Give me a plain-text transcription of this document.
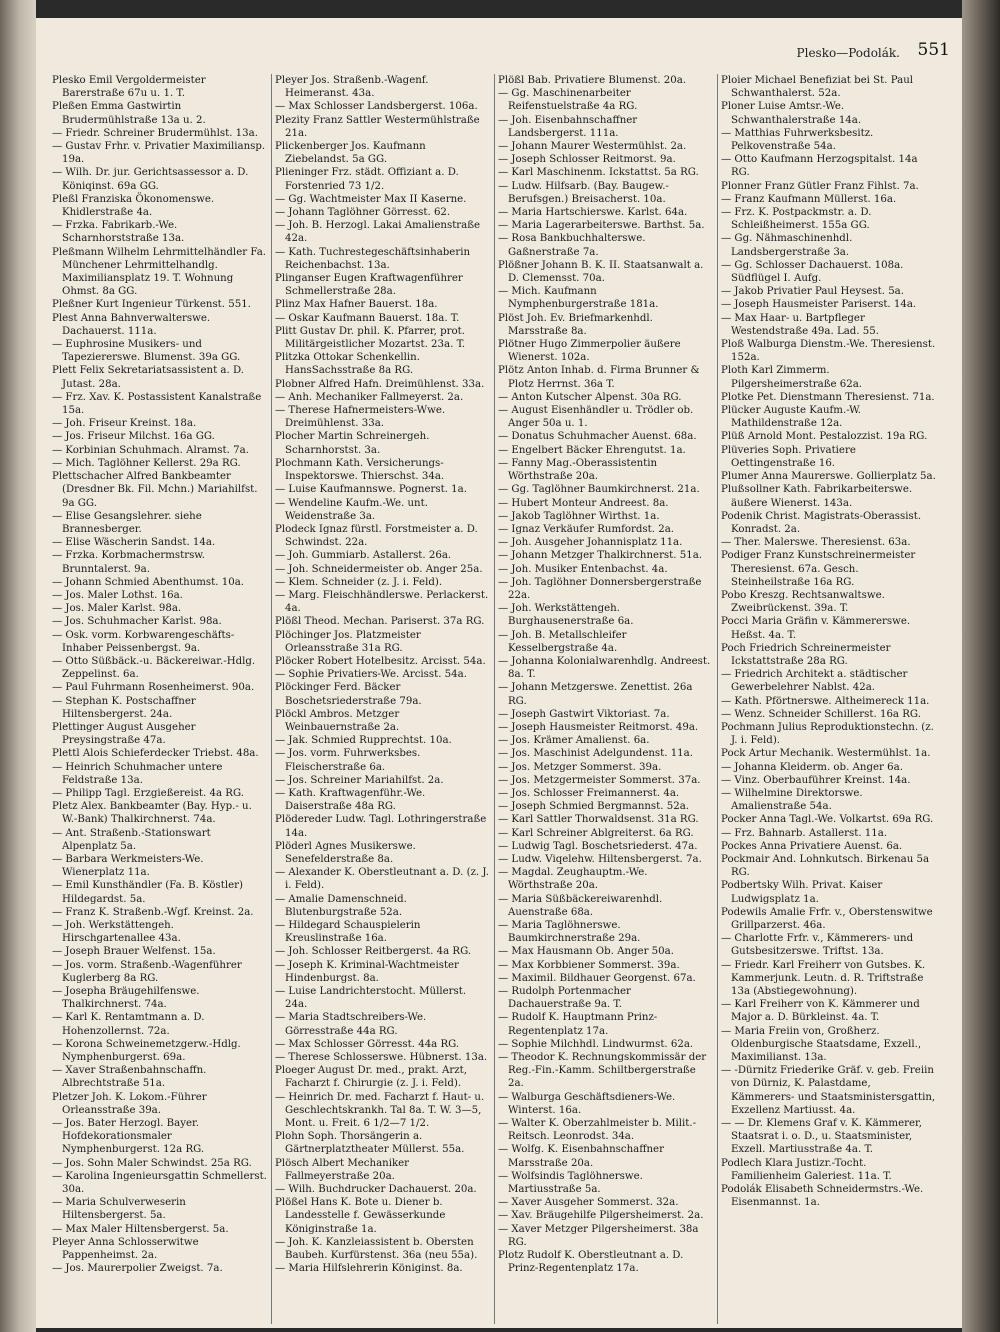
Plesko—Podolák. 551

Plesko Emil Vergoldermeister Barerstraße 67u u. 1. T.

Pleßen Emma Gastwirtin Brudermühlstraße 13a u. 2.

— Friedr. Schreiner Brudermühlst. 13a.

— Gustav Frhr. v. Privatier Maximiliansp. 19a.

— Wilh. Dr. jur. Gerichtsassessor a. D. Köniqinst. 69a GG.

Pleßl Franziska Ökonomenswe. Khidlerstraße 4a.

— Frzka. Fabrikarb.-We. Scharnhorststraße 13a.

Pleßmann Wilhelm Lehrmittelhändler Fa. Münchener Lehrmittelhandlg. Maximiliansplatz 19. T. Wohnung Ohmst. 8a GG.

Pleßner Kurt Ingenieur Türkenst. 551.

Plest Anna Bahnverwalterswe. Dachauerst. 111a.

— Euphrosine Musikers- und Tapeziererswe. Blumenst. 39a GG.

Plett Felix Sekretariatsassistent a. D. Jutast. 28a.

— Frz. Xav. K. Postassistent Kanalstraße 15a.

— Joh. Friseur Kreinst. 18a.

— Jos. Friseur Milchst. 16a GG.

— Korbinian Schuhmach. Alramst. 7a.

— Mich. Taglöhner Kellerst. 29a RG.

Plettschacher Alfred Bankbeamter (Dresdner Bk. Fil. Mchn.) Mariahilfst. 9a GG.

— Elise Gesangslehrer. siehe Brannesberger.

— Elise Wäscherin Sandst. 14a.

— Frzka. Korbmachermstrsw. Brunntalerst. 9a.

— Johann Schmied Abenthumst. 10a.

— Jos. Maler Lothst. 16a.

— Jos. Maler Karlst. 98a.

— Jos. Schuhmacher Karlst. 98a.

— Osk. vorm. Korbwarengeschäfts-Inhaber Peissenbergst. 9a.

— Otto Süßbäck.-u. Bäckereiwar.-Hdlg. Zeppelinst. 6a.

— Paul Fuhrmann Rosenheimerst. 90a.

— Stephan K. Postschaffner Hiltensbergerst. 24a.

Plettinger August Ausgeher Preysingstraße 47a.

Plettl Alois Schieferdecker Triebst. 48a.

— Heinrich Schuhmacher untere Feldstraße 13a.

— Philipp Tagl. Erzgießereist. 4a RG.

Pletz Alex. Bankbeamter (Bay. Hyp.- u. W.-Bank) Thalkirchnerst. 74a.

— Ant. Straßenb.-Stationswart Alpenplatz 5a.

— Barbara Werkmeisters-We. Wienerplatz 11a.

— Emil Kunsthändler (Fa. B. Köstler) Hildegardst. 5a.

— Franz K. Straßenb.-Wgf. Kreinst. 2a.

— Joh. Werkstättengeh. Hirschgartenallee 43a.

— Joseph Brauer Welfenst. 15a.

— Jos. vorm. Straßenb.-Wagenführer Kuglerberg 8a RG.

— Josepha Bräugehilfenswe. Thalkirchnerst. 74a.

— Karl K. Rentamtmann a. D. Hohenzollernst. 72a.

— Korona Schweinemetzgerw.-Hdlg. Nymphenburgerst. 69a.

— Xaver Straßenbahnschaffn. Albrechtstraße 51a.

Pletzer Joh. K. Lokom.-Führer Orleansstraße 39a.

— Jos. Bater Herzogl. Bayer. Hofdekorationsmaler Nymphenburgerst. 12a RG.

— Jos. Sohn Maler Schwindst. 25a RG.

— Karolina Ingenieursgattin Schmellerst. 30a.

— Maria Schulverweserin Hiltensbergerst. 5a.

— Max Maler Hiltensbergerst. 5a.

Pleyer Anna Schlosserwitwe Pappenheimst. 2a.

— Jos. Maurerpolier Zweigst. 7a.

Pleyer Jos. Straßenb.-Wagenf. Heimeranst. 43a.

— Max Schlosser Landsbergerst. 106a.

Plezity Franz Sattler Westermühlstraße 21a.

Plickenberger Jos. Kaufmann Ziebelandst. 5a GG.

Plieninger Frz. städt. Offiziant a. D. Forstenried 73 1/2.

— Gg. Wachtmeister Max II Kaserne.

— Johann Taglöhner Görresst. 62.

— Joh. B. Herzogl. Lakai Amalienstraße 42a.

— Kath. Tuchrestegeschäftsinhaberin Reichenbachst. 13a.

Plinganser Eugen Kraftwagenführer Schmellerstraße 28a.

Plinz Max Hafner Bauerst. 18a.

— Oskar Kaufmann Bauerst. 18a. T.

Plitt Gustav Dr. phil. K. Pfarrer, prot. Militärgeistlicher Mozartst. 23a. T.

Plitzka Ottokar Schenkellin. HansSachsstraße 8a RG.

Plobner Alfred Hafn. Dreimühlenst. 33a.

— Anh. Mechaniker Fallmeyerst. 2a.

— Therese Hafnermeisters-Wwe. Dreimühlenst. 33a.

Plocher Martin Schreinergeh. Scharnhorstst. 3a.

Plochmann Kath. Versicherungs-Inspektorswe. Thierschst. 34a.

— Luise Kaufmannswe. Pognerst. 1a.

— Wendeline Kaufm.-We. unt. Weidenstraße 3a.

Plodeck Ignaz fürstl. Forstmeister a. D. Schwindst. 22a.

— Joh. Gummiarb. Astallerst. 26a.

— Joh. Schneidermeister ob. Anger 25a.

— Klem. Schneider (z. J. i. Feld).

— Marg. Fleischhändlerswe. Perlackerst. 4a.

Plößl Theod. Mechan. Pariserst. 37a RG.

Plöchinger Jos. Platzmeister Orleansstraße 31a RG.

Plöcker Robert Hotelbesitz. Arcisst. 54a.

— Sophie Privatiers-We. Arcisst. 54a.

Plöckinger Ferd. Bäcker Boschetsriederstraße 79a.

Plöckl Ambros. Metzger Weinbauernstraße 2a.

— Jak. Schmied Rupprechtst. 10a.

— Jos. vorm. Fuhrwerksbes. Fleischerstraße 6a.

— Jos. Schreiner Mariahilfst. 2a.

— Kath. Kraftwagenführ.-We. Daiserstraße 48a RG.

Plödereder Ludw. Tagl. Lothringerstraße 14a.

Plöderl Agnes Musikerswe. Senefelderstraße 8a.

— Alexander K. Oberstleutnant a. D. (z. J. i. Feld).

— Amalie Damenschneid. Blutenburgstraße 52a.

— Hildegard Schauspielerin Kreuslinstraße 16a.

— Joh. Schlosser Reitbergerst. 4a RG.

— Joseph K. Kriminal-Wachtmeister Hindenburgst. 8a.

— Luise Landrichterstocht. Müllerst. 24a.

— Maria Stadtschreibers-We. Görresstraße 44a RG.

— Max Schlosser Görresst. 44a RG.

— Therese Schlosserswe. Hübnerst. 13a.

Ploeger August Dr. med., prakt. Arzt, Facharzt f. Chirurgie (z. J. i. Feld).

— Heinrich Dr. med. Facharzt f. Haut- u. Geschlechtskrankh. Tal 8a. T. W. 3—5, Mont. u. Freit. 6 1/2—7 1/2.

Plohn Soph. Thorsängerin a. Gärtnerplatztheater Müllerst. 55a.

Plösch Albert Mechaniker Fallmeyerstraße 20a.

— Wilh. Buchdrucker Dachauerst. 20a.

Plößel Hans K. Bote u. Diener b. Landesstelle f. Gewässerkunde Königinstraße 1a.

— Joh. K. Kanzleiassistent b. Obersten Baubeh. Kurfürstenst. 36a (neu 55a).

— Maria Hilfslehrerin Königinst. 8a.

Plößl Bab. Privatiere Blumenst. 20a.

— Gg. Maschinenarbeiter Reifenstuelstraße 4a RG.

— Joh. Eisenbahnschaffner Landsbergerst. 111a.

— Johann Maurer Westermühlst. 2a.

— Joseph Schlosser Reitmorst. 9a.

— Karl Maschinenm. Ickstattst. 5a RG.

— Ludw. Hilfsarb. (Bay. Baugew.-Berufsgen.) Breisacherst. 10a.

— Maria Hartschierswe. Karlst. 64a.

— Maria Lagerarbeiterswe. Barthst. 5a.

— Rosa Bankbuchhalterswe. Gaßnerstraße 7a.

Plößner Johann B. K. II. Staatsanwalt a. D. Clemensst. 70a.

— Mich. Kaufmann Nymphenburgerstraße 181a.

Plöst Joh. Ev. Briefmarkenhdl. Marsstraße 8a.

Plötner Hugo Zimmerpolier äußere Wienerst. 102a.

Plötz Anton Inhab. d. Firma Brunner & Plotz Herrnst. 36a T.

— Anton Kutscher Alpenst. 30a RG.

— August Eisenhändler u. Trödler ob. Anger 50a u. 1.

— Donatus Schuhmacher Auenst. 68a.

— Engelbert Bäcker Ehrengutst. 1a.

— Fanny Mag.-Oberassistentin Wörthstraße 20a.

— Gg. Taglöhner Baumkirchnerst. 21a.

— Hubert Monteur Andreest. 8a.

— Jakob Taglöhner Wirthst. 1a.

— Ignaz Verkäufer Rumfordst. 2a.

— Joh. Ausgeher Johannisplatz 11a.

— Johann Metzger Thalkirchnerst. 51a.

— Joh. Musiker Entenbachst. 4a.

— Joh. Taglöhner Donnersbergerstraße 22a.

— Joh. Werkstättengeh. Burghausenerstraße 6a.

— Joh. B. Metallschleifer Kesselbergstraße 4a.

— Johanna Kolonialwarenhdlg. Andreest. 8a. T.

— Johann Metzgerswe. Zenettist. 26a RG.

— Joseph Gastwirt Viktoriast. 7a.

— Joseph Hausmeister Reitmorst. 49a.

— Jos. Krämer Amalienst. 6a.

— Jos. Maschinist Adelgundenst. 11a.

— Jos. Metzger Sommerst. 39a.

— Jos. Metzgermeister Sommerst. 37a.

— Jos. Schlosser Freimannerst. 4a.

— Joseph Schmied Bergmannst. 52a.

— Karl Sattler Thorwaldsenst. 31a RG.

— Karl Schreiner Ablgreiterst. 6a RG.

— Ludwig Tagl. Boschetsriederst. 47a.

— Ludw. Viqelehw. Hiltensbergerst. 7a.

— Magdal. Zeughauptm.-We. Wörthstraße 20a.

— Maria Süßbäckereiwarenhdl. Auenstraße 68a.

— Maria Taglöhnerswe. Baumkirchnerstraße 29a.

— Max Hausmann Ob. Anger 50a.

— Max Korbbiener Sommerst. 39a.

— Maximil. Bildhauer Georgenst. 67a.

— Rudolph Portenmacher Dachauerstraße 9a. T.

— Rudolf K. Hauptmann Prinz-Regentenplatz 17a.

— Sophie Milchhdl. Lindwurmst. 62a.

— Theodor K. Rechnungskommissär der Reg.-Fin.-Kamm. Schiltbergerstraße 2a.

— Walburga Geschäftsdieners-We. Winterst. 16a.

— Walter K. Oberzahlmeister b. Milit.-Reitsch. Leonrodst. 34a.

— Wolfg. K. Eisenbahnschaffner Marsstraße 20a.

— Wolfsindis Taglöhnerswe. Martiusstraße 5a.

— Xaver Ausgeher Sommerst. 32a.

— Xav. Bräugehilfe Pilgersheimerst. 2a.

— Xaver Metzger Pilgersheimerst. 38a RG.

Plotz Rudolf K. Oberstleutnant a. D. Prinz-Regentenplatz 17a.

Ploier Michael Benefiziat bei St. Paul Schwanthalerst. 52a.

Ploner Luise Amtsr.-We. Schwanthalerstraße 14a.

— Matthias Fuhrwerksbesitz. Pelkovenstraße 54a.

— Otto Kaufmann Herzogspitalst. 14a RG.

Plonner Franz Gütler Franz Fihlst. 7a.

— Franz Kaufmann Müllerst. 16a.

— Frz. K. Postpackmstr. a. D. Schleißheimerst. 155a GG.

— Gg. Nähmaschinenhdl. Landsbergerstraße 3a.

— Gg. Schlosser Dachauerst. 108a. Südflügel I. Aufg.

— Jakob Privatier Paul Heysest. 5a.

— Joseph Hausmeister Pariserst. 14a.

— Max Haar- u. Bartpfleger Westendstraße 49a. Lad. 55.

Ploß Walburga Dienstm.-We. Theresienst. 152a.

Ploth Karl Zimmerm. Pilgersheimerstraße 62a.

Plotke Pet. Dienstmann Theresienst. 71a.

Plücker Auguste Kaufm.-W. Mathildenstraße 12a.

Plüß Arnold Mont. Pestalozzist. 19a RG.

Plüveries Soph. Privatiere Oettingenstraße 16.

Plumer Anna Maurerswe. Gollierplatz 5a.

Plußsollner Kath. Fabrikarbeiterswe. äußere Wienerst. 143a.

Podenik Christ. Magistrats-Oberassist. Konradst. 2a.

— Ther. Malerswe. Theresienst. 63a.

Podiger Franz Kunstschreinermeister Theresienst. 67a. Gesch. Steinheilstraße 16a RG.

Pobo Kreszg. Rechtsanwaltswe. Zweibrückenst. 39a. T.

Pocci Maria Gräfin v. Kämmererswe. Heßst. 4a. T.

Poch Friedrich Schreinermeister Ickstattstraße 28a RG.

— Friedrich Architekt a. städtischer Gewerbelehrer Nablst. 42a.

— Kath. Pförtnerswe. Altheimereck 11a.

— Wenz. Schneider Schillerst. 16a RG.

Pochmann Julius Reproduktionstechn. (z. J. i. Feld).

Pock Artur Mechanik. Westermühlst. 1a.

— Johanna Kleiderm. ob. Anger 6a.

— Vinz. Oberbauführer Kreinst. 14a.

— Wilhelmine Direktorswe. Amalienstraße 54a.

Pocker Anna Tagl.-We. Volkartst. 69a RG.

— Frz. Bahnarb. Astallerst. 11a.

Pockes Anna Privatiere Auenst. 6a.

Pockmair And. Lohnkutsch. Birkenau 5a RG.

Podbertsky Wilh. Privat. Kaiser Ludwigsplatz 1a.

Podewils Amalie Frfr. v., Oberstenswitwe Grillparzerst. 46a.

— Charlotte Frfr. v., Kämmerers- und Gutsbesitzerswe. Triftst. 13a.

— Friedr. Karl Freiherr von Gutsbes. K. Kammerjunk. Leutn. d. R. Triftstraße 13a (Abstiegewohnung).

— Karl Freiherr von K. Kämmerer und Major a. D. Bürkleinst. 4a. T.

— Maria Freiin von, Großherz. Oldenburgische Staatsdame, Exzell., Maximilianst. 13a.

— -Dürnitz Friederike Gräf. v. geb. Freiin von Dürniz, K. Palastdame, Kämmerers- und Staatsministersgattin, Exzellenz Martiusst. 4a.

— — Dr. Klemens Graf v. K. Kämmerer, Staatsrat i. o. D., u. Staatsminister, Exzell. Martiusstraße 4a. T.

Podlech Klara Justizr.-Tocht. Familienheim Galeriest. 11a. T.

Podolák Elisabeth Schneidermstrs.-We. Eisenmannst. 1a.
